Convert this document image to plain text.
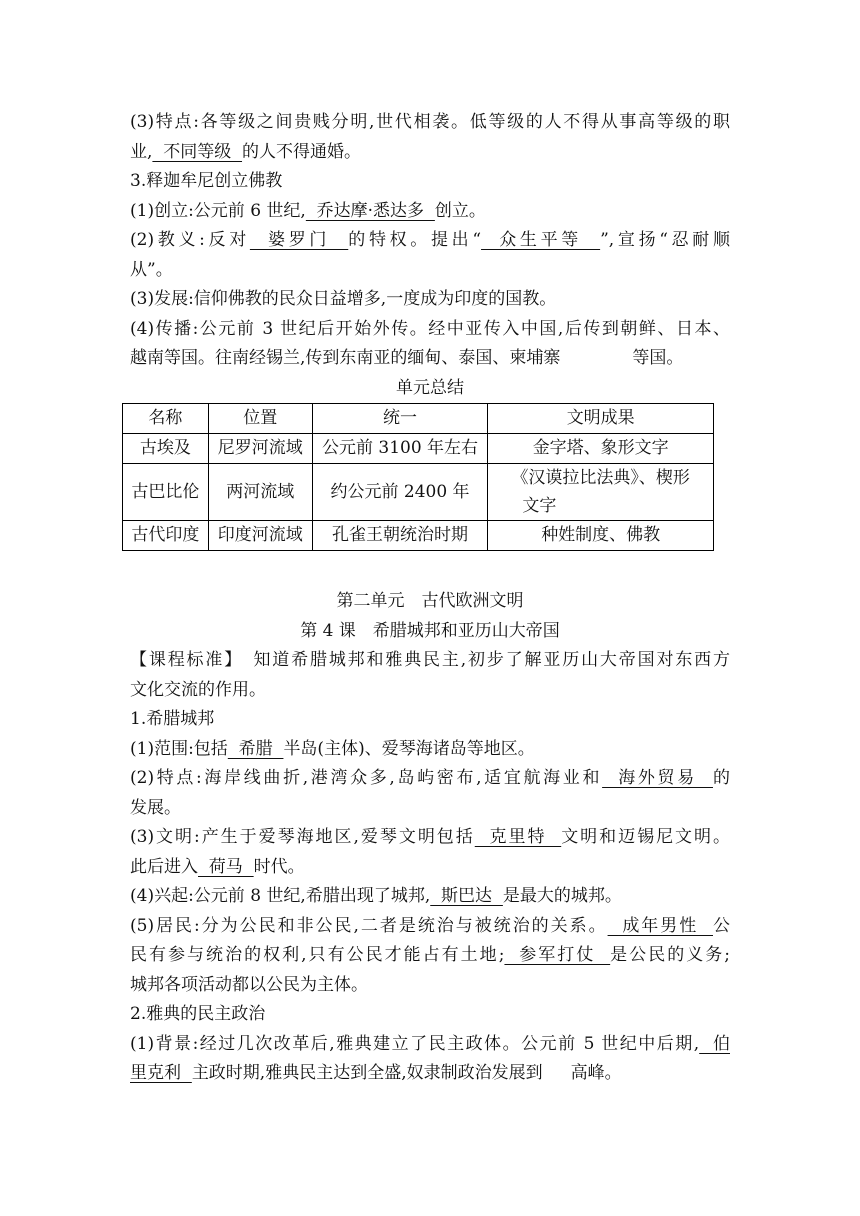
(3)特点:各等级之间贵贱分明,世代相袭。低等级的人不得从事高等级的职
业,  不同等级  的人不得通婚。
3.释迦牟尼创立佛教
(1)创立:公元前 6 世纪,  乔达摩·悉达多  创立。
(2)教义:反对  婆罗门  的特权。提出“  众生平等  ”,宣扬“忍耐顺
从”。
(3)发展:信仰佛教的民众日益增多,一度成为印度的国教。
(4)传播:公元前 3 世纪后开始外传。经中亚传入中国,后传到朝鲜、日本、
越南等国。往南经锡兰,传到东南亚的缅甸、泰国、柬埔寨	等国。
单元总结
名称	位置	统一	文明成果
古埃及	尼罗河流域	公元前 3100 年左右	金字塔、象形文字
古巴比伦	两河流域	约公元前 2400 年	《汉谟拉比法典》、楔形
文字

古代印度	印度河流域	孔雀王朝统治时期	种姓制度、佛教
第二单元　古代欧洲文明
第 4 课　希腊城邦和亚历山大帝国
【课程标准】　知道希腊城邦和雅典民主,初步了解亚历山大帝国对东西方
文化交流的作用。
1.希腊城邦
(1)范围:包括  希腊  半岛(主体)、爱琴海诸岛等地区。
(2)特点:海岸线曲折,港湾众多,岛屿密布,适宜航海业和  海外贸易  的
发展。
(3)文明:产生于爱琴海地区,爱琴文明包括  克里特  文明和迈锡尼文明。
此后进入  荷马  时代。
(4)兴起:公元前 8 世纪,希腊出现了城邦,  斯巴达  是最大的城邦。
(5)居民:分为公民和非公民,二者是统治与被统治的关系。  成年男性  公
民有参与统治的权利,只有公民才能占有土地;  参军打仗  是公民的义务;
城邦各项活动都以公民为主体。
2.雅典的民主政治
(1)背景:经过几次改革后,雅典建立了民主政体。公元前 5 世纪中后期,  伯
里克利  主政时期,雅典民主达到全盛,奴隶制政治发展到 高峰。
